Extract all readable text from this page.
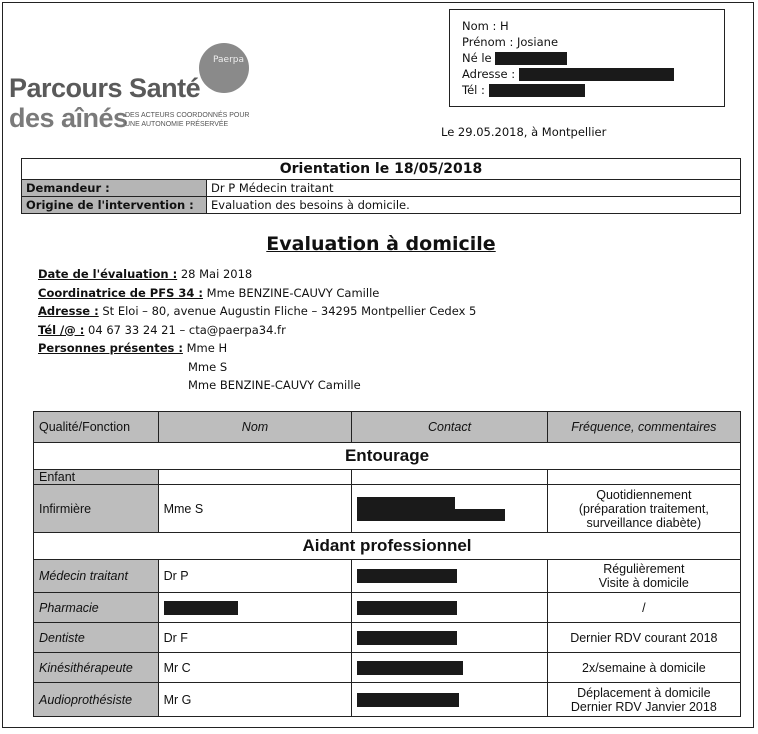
Paerpa
Parcours Santé
des aînés
DES ACTEURS COORDONNÉS POUR UNE AUTONOMIE PRÉSERVÉE
Nom :
H
Prénom :
Josiane
Né le

Adresse :

Tél :

Le 29.05.2018, à Montpellier
Orientation le 18/05/2018	
Demandeur :	Dr P Médecin traitant
Origine de l'intervention :	Evaluation des besoins à domicile.
Evaluation à domicile
Date de l'évaluation : 28 Mai 2018
Coordinatrice de PFS 34 : Mme BENZINE-CAUVY Camille
Adresse : St Eloi – 80, avenue Augustin Fliche – 34295 Montpellier Cedex 5
Tél /@ : 04 67 33 24 21 – cta@paerpa34.fr
Personnes présentes : Mme H
Mme S
Mme BENZINE-CAUVY Camille
Qualité/Fonction	Nom	Contact	Fréquence, commentaires
Entourage			
Enfant			
Infirmière	Mme S		Quotidiennement
(préparation traitement,
surveillance diabète)

Aidant professionnel			
Médecin traitant	Dr P		Régulièrement
Visite à domicile

Pharmacie			/
Dentiste	Dr F		Dernier RDV courant 2018
Kinésithérapeute	Mr C		2x/semaine à domicile
Audioprothésiste	Mr G		Déplacement à domicile
Dernier RDV Janvier 2018
